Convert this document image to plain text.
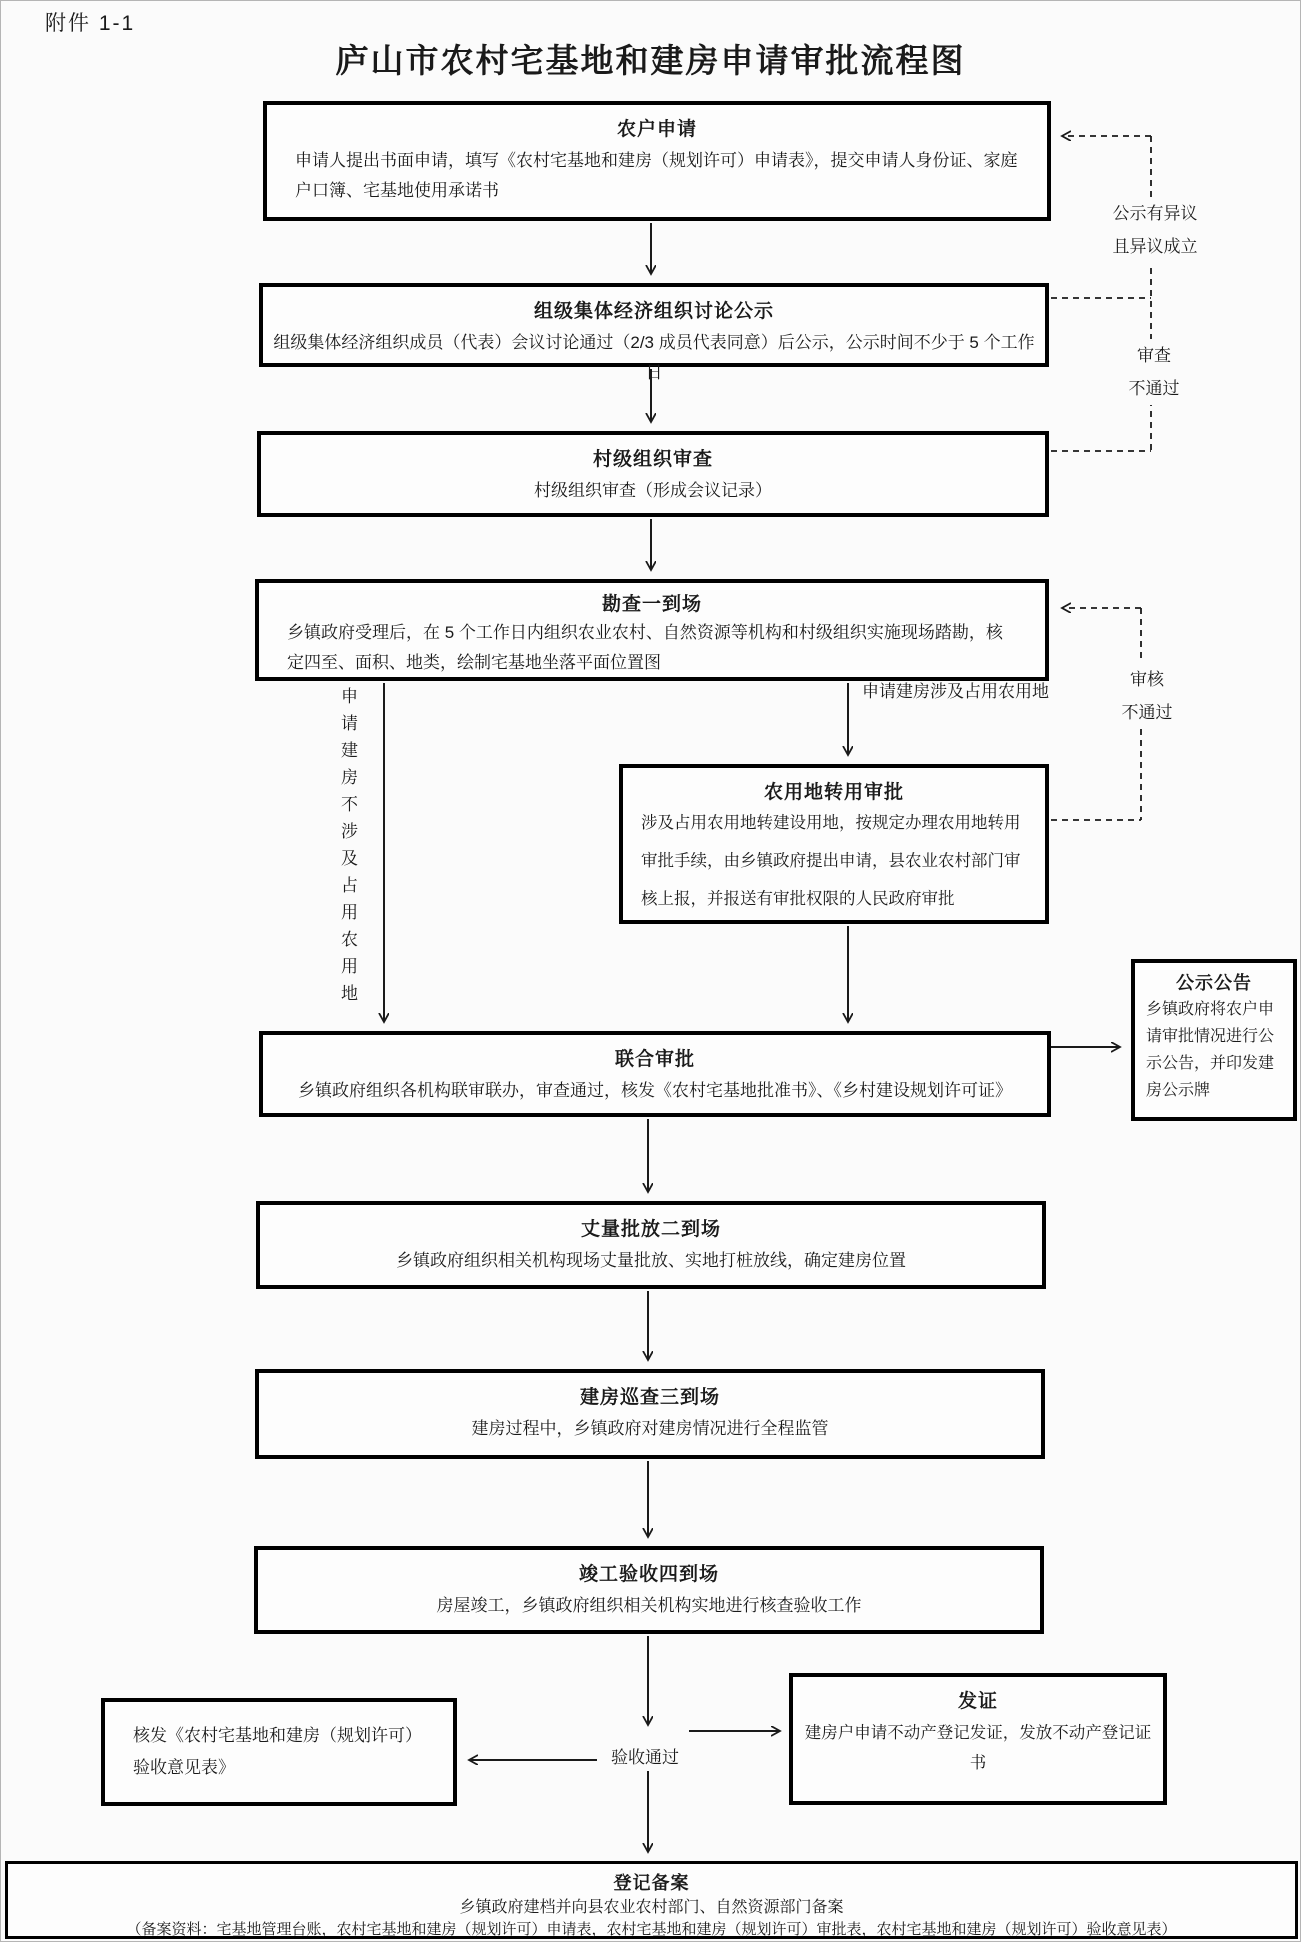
附件 1-1
庐山市农村宅基地和建房申请审批流程图
农户申请
申请人提出书面申请，填写《农村宅基地和建房（规划许可）申请表》，提交申请人身份证、家庭户口簿、宅基地使用承诺书
组级集体经济组织讨论公示
组级集体经济组织成员（代表）会议讨论通过（2/3 成员代表同意）后公示，公示时间不少于 5 个工作日
村级组织审查
村级组织审查（形成会议记录）
勘查一到场
乡镇政府受理后，在 5 个工作日内组织农业农村、自然资源等机构和村级组织实施现场踏勘，核定四至、面积、地类，绘制宅基地坐落平面位置图
农用地转用审批
涉及占用农用地转建设用地，按规定办理农用地转用审批手续，由乡镇政府提出申请，县农业农村部门审核上报，并报送有审批权限的人民政府审批
联合审批
乡镇政府组织各机构联审联办，审查通过，核发《农村宅基地批准书》、《乡村建设规划许可证》
公示公告
乡镇政府将农户申请审批情况进行公示公告，并印发建房公示牌
丈量批放二到场
乡镇政府组织相关机构现场丈量批放、实地打桩放线，确定建房位置
建房巡查三到场
建房过程中，乡镇政府对建房情况进行全程监管
竣工验收四到场
房屋竣工，乡镇政府组织相关机构实地进行核查验收工作
核发《农村宅基地和建房（规划许可）验收意见表》
发证
建房户申请不动产登记发证，发放不动产登记证书
登记备案
乡镇政府建档并向县农业农村部门、自然资源部门备案
（备案资料：宅基地管理台账，农村宅基地和建房（规划许可）申请表，农村宅基地和建房（规划许可）审批表，农村宅基地和建房（规划许可）验收意见表）
公示有异议
且异议成立
审查
不通过
审核
不通过
申请建房涉及占用农用地
申请建房不涉及占用农用地
验收通过
